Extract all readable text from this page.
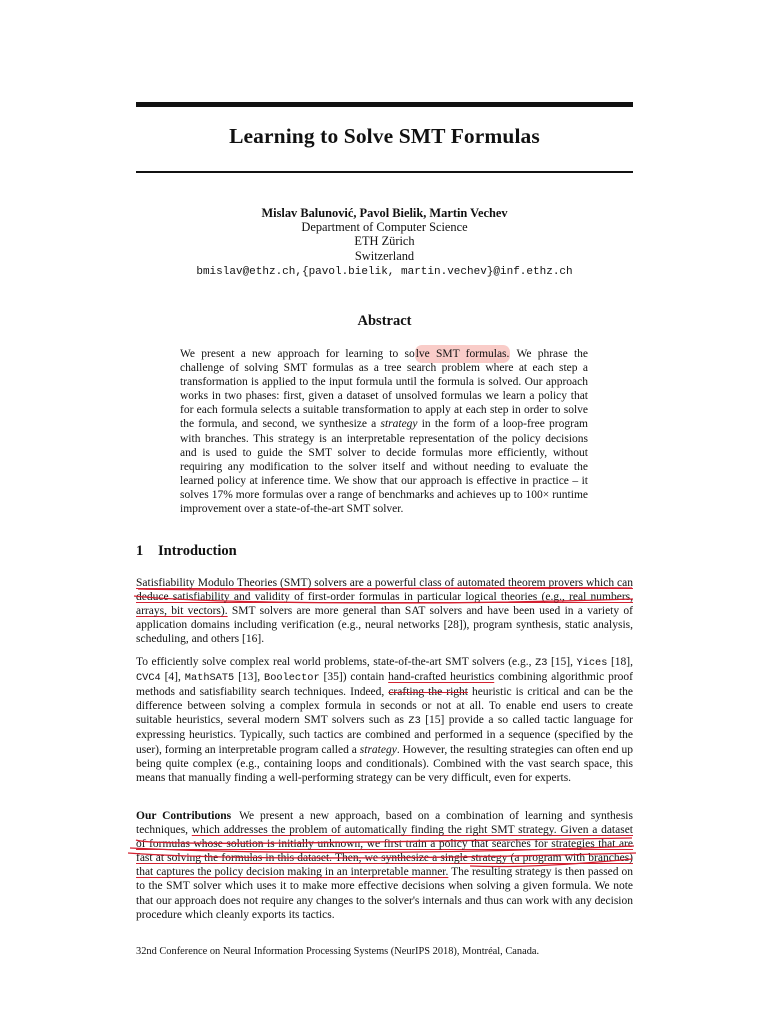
Learning to Solve SMT Formulas
Mislav Balunović, Pavol Bielik, Martin Vechev
Department of Computer Science
ETH Zürich
Switzerland
bmislav@ethz.ch,{pavol.bielik, martin.vechev}@inf.ethz.ch
Abstract
We present a new approach for learning to solve SMT formulas. We phrase the challenge of solving SMT formulas as a tree search problem where at each step a transformation is applied to the input formula until the formula is solved. Our approach works in two phases: first, given a dataset of unsolved formulas we learn a policy that for each formula selects a suitable transformation to apply at each step in order to solve the formula, and second, we synthesize a strategy in the form of a loop-free program with branches. This strategy is an interpretable representation of the policy decisions and is used to guide the SMT solver to decide formulas more efficiently, without requiring any modification to the solver itself and without needing to evaluate the learned policy at inference time. We show that our approach is effective in practice – it solves 17% more formulas over a range of benchmarks and achieves up to 100× runtime improvement over a state-of-the-art SMT solver.
1 Introduction
Satisfiability Modulo Theories (SMT) solvers are a powerful class of automated theorem provers which can deduce satisfiability and validity of first-order formulas in particular logical theories (e.g., real numbers, arrays, bit vectors). SMT solvers are more general than SAT solvers and have been used in a variety of application domains including verification (e.g., neural networks [28]), program synthesis, static analysis, scheduling, and others [16].
To efficiently solve complex real world problems, state-of-the-art SMT solvers (e.g., Z3 [15], Yices [18], CVC4 [4], MathSAT5 [13], Boolector [35]) contain hand-crafted heuristics combining algorithmic proof methods and satisfiability search techniques. Indeed, crafting the right heuristic is critical and can be the difference between solving a complex formula in seconds or not at all. To enable end users to create suitable heuristics, several modern SMT solvers such as Z3 [15] provide a so called tactic language for expressing heuristics. Typically, such tactics are combined and performed in a sequence (specified by the user), forming an interpretable program called a strategy. However, the resulting strategies can often end up being quite complex (e.g., containing loops and conditionals). Combined with the vast search space, this means that manually finding a well-performing strategy can be very difficult, even for experts.
Our Contributions We present a new approach, based on a combination of learning and synthesis techniques, which addresses the problem of automatically finding the right SMT strategy. Given a dataset of formulas whose solution is initially unknown, we first train a policy that searches for strategies that are fast at solving the formulas in this dataset. Then, we synthesize a single strategy (a program with branches) that captures the policy decision making in an interpretable manner. The resulting strategy is then passed on to the SMT solver which uses it to make more effective decisions when solving a given formula. We note that our approach does not require any changes to the solver's internals and thus can work with any decision procedure which cleanly exports its tactics.
32nd Conference on Neural Information Processing Systems (NeurIPS 2018), Montréal, Canada.
